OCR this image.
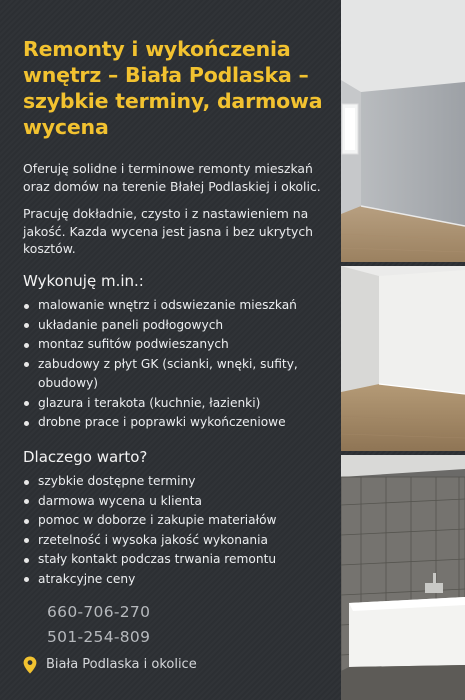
Remonty i wykończenia wnętrz – Biała Podlaska – szybkie terminy, darmowa wycena

Oferuję solidne i terminowe remonty mieszkań oraz domów na terenie Błałej Podlaskiej i okolic.

Pracuję dokładnie, czysto i z nastawieniem na jakość. Kazda wycena jest jasna i bez ukrytych kosztów.

Wykonuję m.in.:
malowanie wnętrz i odswiezanie mieszkań
układanie paneli podłogowych
montaz sufitów podwieszanych
zabudowy z płyt GK (scianki, wnęki, sufity, obudowy)
glazura i terakota (kuchnie, łazienki)
drobne prace i poprawki wykończeniowe
Dlaczego warto?
szybkie dostępne terminy
darmowa wycena u klienta
pomoc w doborze i zakupie materiałów
rzetelność i wysoka jakość wykonania
stały kontakt podczas trwania remontu
atrakcyjne ceny

660-706-270

501-254-809

Biała Podlaska i okolice
